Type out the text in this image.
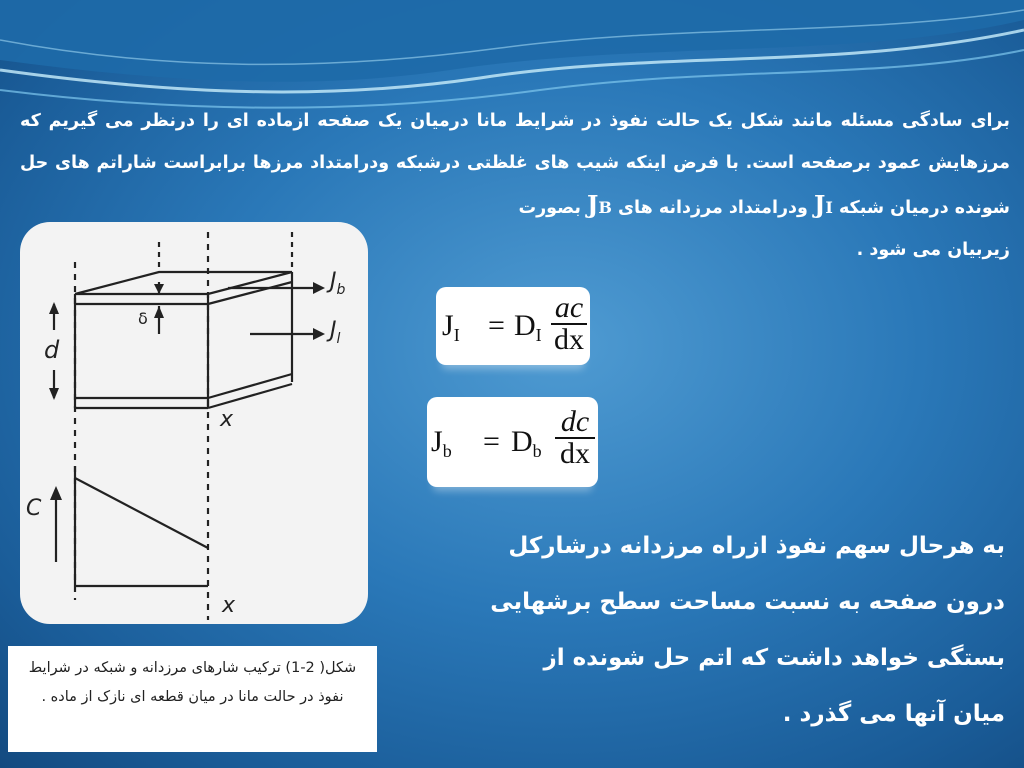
برای سادگی مسئله مانند شکل یک حالت نفوذ در شرایط مانا درمیان یک صفحه ازماده ای را درنظر می گیریم که مرزهایش عمود برصفحه است. با فرض اینکه شیب های غلظتی درشبکه ودرامتداد مرزها برابراست شاراتم های حل شونده درمیان شبکه JI ودرامتداد مرزدانه های JB بصورت
زیربیان می شود .
$J_b$
$J_l$
δ
d
x
C
x
شکل( 2-1) ترکیب شارهای مرزدانه و شبکه در شرایط نفوذ در حالت مانا در میان قطعه ای نازک از ماده .
$J_I = D_I \frac{ac}{dx}$
$J_b = D_b \frac{dc}{dx}$
به هرحال سهم نفوذ ازراه مرزدانه درشارکل
درون صفحه به نسبت مساحت سطح برشهایی
بستگی خواهد داشت که اتم حل شونده از
میان آنها می گذرد .
